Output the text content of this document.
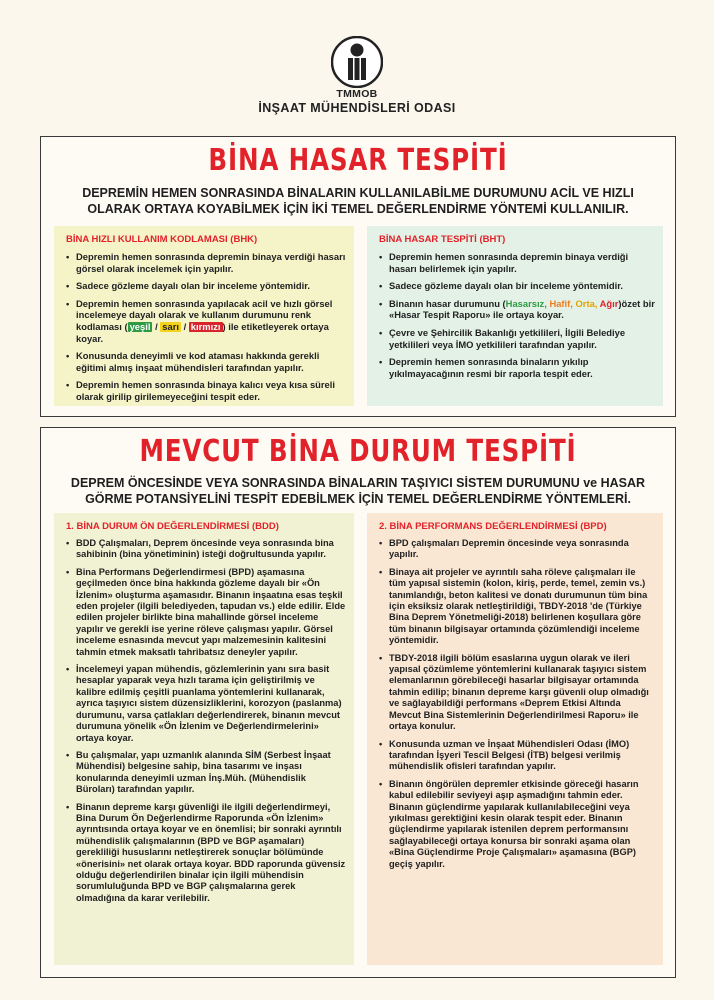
TMMOB
İNŞAAT MÜHENDİSLERİ ODASI
BİNA HASAR TESPİTİ
DEPREMİN HEMEN SONRASINDA BİNALARIN KULLANILABİLME DURUMUNU ACİL VE HIZLI
OLARAK ORTAYA KOYABİLMEK İÇİN İKİ TEMEL DEĞERLENDİRME YÖNTEMİ KULLANILIR.
BİNA HIZLI KULLANIM KODLAMASI (BHK)
• Depremin hemen sonrasında depremin binaya verdiği hasarı görsel olarak incelemek için yapılır.
• Sadece gözleme dayalı olan bir inceleme yöntemidir.
• Depremin hemen sonrasında yapılacak acil ve hızlı görsel incelemeye dayalı olarak ve kullanım durumunu renk kodlaması ( yeşil / sarı / kırmızı ) ile etiketleyerek ortaya koyar.
• Konusunda deneyimli ve kod ataması hakkında gerekli eğitimi almış inşaat mühendisleri tarafından yapılır.
• Depremin hemen sonrasında binaya kalıcı veya kısa süreli olarak girilip girilemeyeceğini tespit eder.
BİNA HASAR TESPİTİ (BHT)
• Depremin hemen sonrasında depremin binaya verdiği hasarı belirlemek için yapılır.
• Sadece gözleme dayalı olan bir inceleme yöntemidir.
• Binanın hasar durumunu (Hasarsız, Hafif, Orta, Ağır)özet bir «Hasar Tespit Raporu» ile ortaya koyar.
• Çevre ve Şehircilik Bakanlığı yetkilileri, İlgili Belediye yetkilileri veya İMO yetkilileri tarafından yapılır.
• Depremin hemen sonrasında binaların yıkılıp yıkılmayacağının resmi bir raporla tespit eder.
MEVCUT BİNA DURUM TESPİTİ
DEPREM ÖNCESİNDE VEYA SONRASINDA BİNALARIN TAŞIYICI SİSTEM DURUMUNU ve HASAR
GÖRME POTANSİYELİNİ TESPİT EDEBİLMEK İÇİN TEMEL DEĞERLENDİRME YÖNTEMLERİ.
1. BİNA DURUM ÖN DEĞERLENDİRMESİ (BDD)
• BDD Çalışmaları, Deprem öncesinde veya sonrasında bina sahibinin (bina yönetiminin) isteği doğrultusunda yapılır.
• Bina Performans Değerlendirmesi (BPD) aşamasına geçilmeden önce bina hakkında gözleme dayalı bir «Ön İzlenim» oluşturma aşamasıdır. Binanın inşaatına esas teşkil eden projeler (ilgili belediyeden, tapudan vs.) elde edilir. Elde edilen projeler birlikte bina mahallinde görsel inceleme yapılır ve gerekli ise yerine röleve çalışması yapılır. Görsel inceleme esnasında mevcut yapı malzemesinin kalitesini tahmin etmek maksatlı tahribatsız deneyler yapılır.
• İncelemeyi yapan mühendis, gözlemlerinin yanı sıra basit hesaplar yaparak veya hızlı tarama için geliştirilmiş ve kalibre edilmiş çeşitli puanlama yöntemlerini kullanarak, ayrıca taşıyıcı sistem düzensizliklerini, korozyon (paslanma) durumunu, varsa çatlakları değerlendirerek, binanın mevcut durumuna yönelik «Ön İzlenim ve Değerlendirmelerini» ortaya koyar.
• Bu çalışmalar, yapı uzmanlık alanında SİM (Serbest İnşaat Mühendisi) belgesine sahip, bina tasarımı ve inşası konularında deneyimli uzman İnş.Müh. (Mühendislik Büroları) tarafından yapılır.
• Binanın depreme karşı güvenliği ile ilgili değerlendirmeyi, Bina Durum Ön Değerlendirme Raporunda «Ön İzlenim» ayrıntısında ortaya koyar ve en önemlisi; bir sonraki ayrıntılı mühendislik çalışmalarının (BPD ve BGP aşamaları) gerekliliği hususlarını netleştirerek sonuçlar bölümünde «önerisini» net olarak ortaya koyar. BDD raporunda güvensiz olduğu değerlendirilen binalar için ilgili mühendisin sorumluluğunda BPD ve BGP çalışmalarına gerek olmadığına da karar verilebilir.
2. BİNA PERFORMANS DEĞERLENDİRMESİ (BPD)
• BPD çalışmaları Depremin öncesinde veya sonrasında yapılır.
• Binaya ait projeler ve ayrıntılı saha röleve çalışmaları ile tüm yapısal sistemin (kolon, kiriş, perde, temel, zemin vs.) tanımlandığı, beton kalitesi ve donatı durumunun tüm bina için eksiksiz olarak netleştirildiği, TBDY-2018 'de (Türkiye Bina Deprem Yönetmeliği-2018) belirlenen koşullara göre tüm binanın bilgisayar ortamında çözümlendiği inceleme yöntemidir.
• TBDY-2018 ilgili bölüm esaslarına uygun olarak ve ileri yapısal çözümleme yöntemlerini kullanarak taşıyıcı sistem elemanlarının görebileceği hasarlar bilgisayar ortamında tahmin edilip; binanın depreme karşı güvenli olup olmadığı ve sağlayabildiği performans «Deprem Etkisi Altında Mevcut Bina Sistemlerinin Değerlendirilmesi Raporu» ile ortaya konulur.
• Konusunda uzman ve İnşaat Mühendisleri Odası (İMO) tarafından İşyeri Tescil Belgesi (İTB) belgesi verilmiş mühendislik ofisleri tarafından yapılır.
• Binanın öngörülen depremler etkisinde göreceği hasarın kabul edilebilir seviyeyi aşıp aşmadığını tahmin eder. Binanın güçlendirme yapılarak kullanılabileceğini veya yıkılması gerektiğini kesin olarak tespit eder. Binanın güçlendirme yapılarak istenilen deprem performansını sağlayabileceği ortaya konursa bir sonraki aşama olan «Bina Güçlendirme Proje Çalışmaları» aşamasına (BGP) geçiş yapılır.
